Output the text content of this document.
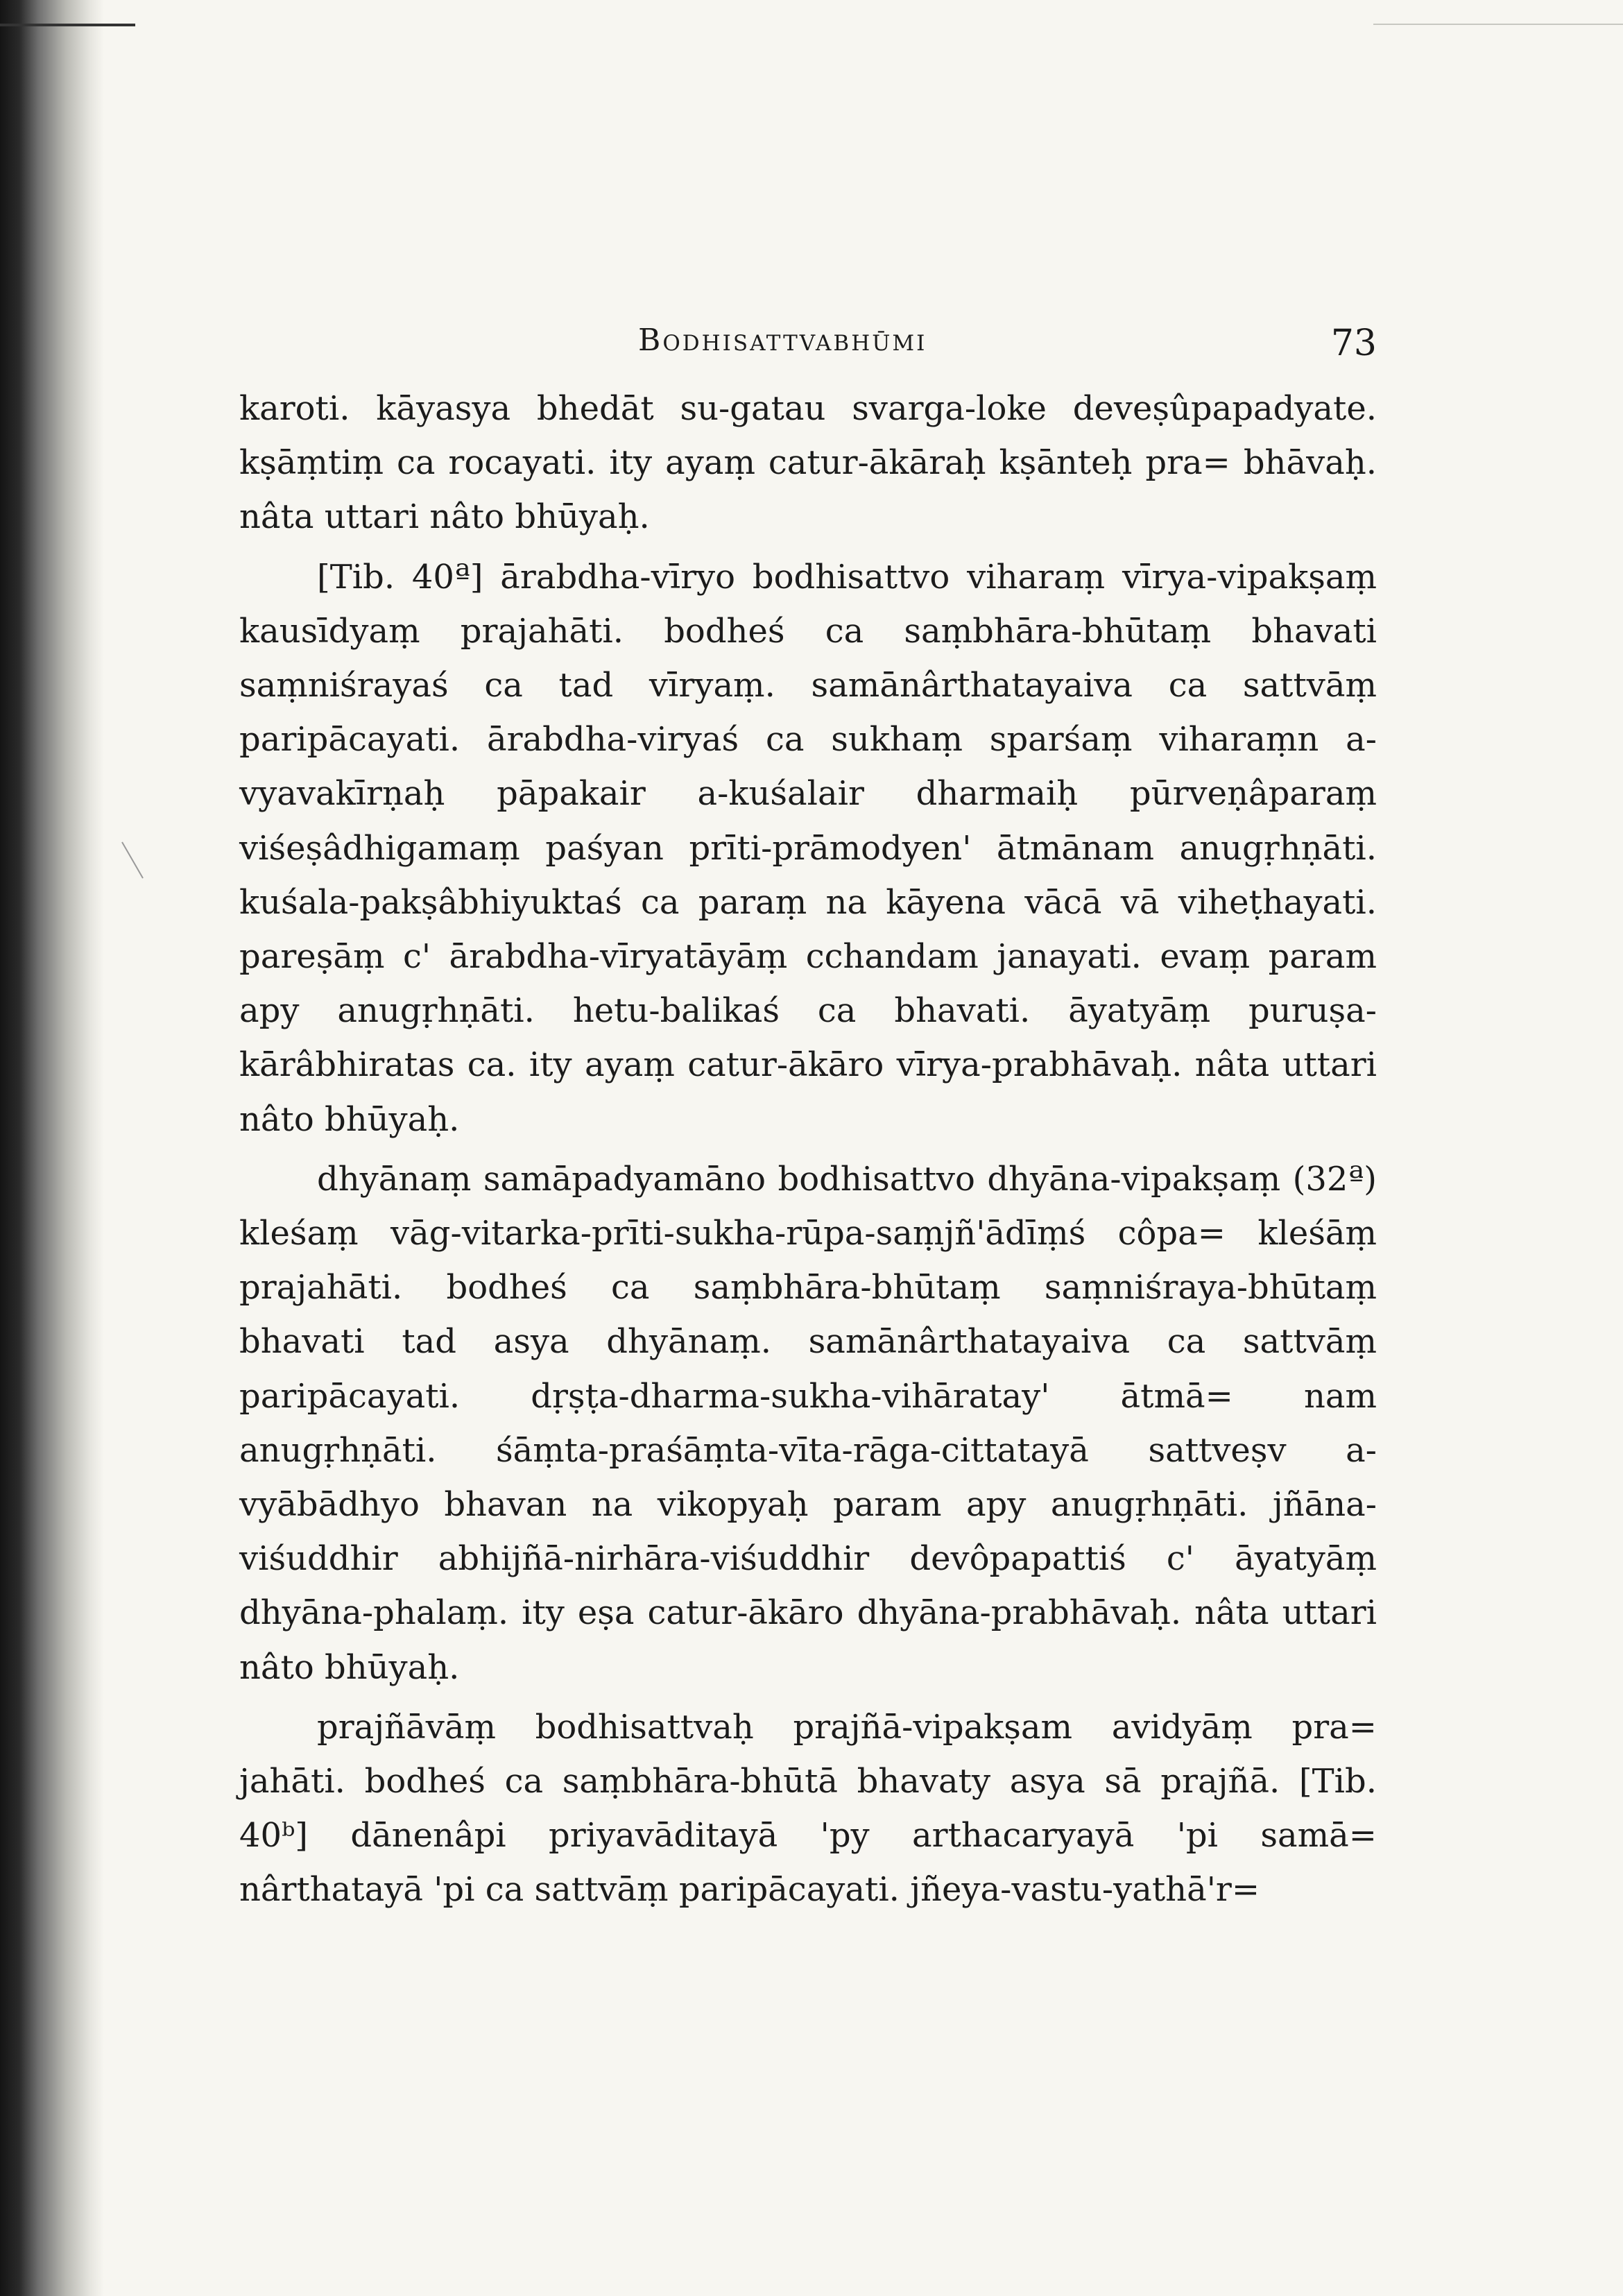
Bodhisattvabhūmi	73

karoti. kāyasya bhedāt su-gatau svarga-loke deveṣûpapadyate. kṣāṃtiṃ ca rocayati. ity ayaṃ catur-ākāraḥ kṣānteḥ pra= bhāvaḥ. nâta uttari nâto bhūyaḥ.

[Tib. 40ª] ārabdha-vīryo bodhisattvo viharaṃ vīrya-vipakṣaṃ kausīdyaṃ prajahāti. bodheś ca saṃbhāra-bhūtaṃ bhavati saṃniśrayaś ca tad vīryaṃ. samānârthatayaiva ca sattvāṃ paripācayati. ārabdha-viryaś ca sukhaṃ sparśaṃ viharaṃn a-vyavakīrṇaḥ pāpakair a-kuśalair dharmaiḥ pūrveṇâparaṃ viśeṣâdhigamaṃ paśyan prīti-prāmodyen' ātmānam anugṛhṇāti. kuśala-pakṣâbhiyuktaś ca paraṃ na kāyena vācā vā viheṭhayati. pareṣāṃ c' ārabdha-vīryatāyāṃ cchandam janayati. evaṃ param apy anugṛhṇāti. hetu-balikaś ca bhavati. āyatyāṃ puruṣa-kārâbhiratas ca. ity ayaṃ catur-ākāro vīrya-prabhāvaḥ. nâta uttari nâto bhūyaḥ.

dhyānaṃ samāpadyamāno bodhisattvo dhyāna-vipakṣaṃ (32ª) kleśaṃ vāg-vitarka-prīti-sukha-rūpa-saṃjñ'ādīṃś côpa= kleśāṃ prajahāti. bodheś ca saṃbhāra-bhūtaṃ saṃniśraya-bhūtaṃ bhavati tad asya dhyānaṃ. samānârthatayaiva ca sattvāṃ paripācayati. dṛṣṭa-dharma-sukha-vihāratay' ātmā= nam anugṛhṇāti. śāṃta-praśāṃta-vīta-rāga-cittatayā sattveṣv a-vyābādhyo bhavan na vikopyaḥ param apy anugṛhṇāti. jñāna-viśuddhir abhijñā-nirhāra-viśuddhir devôpapattiś c' āyatyāṃ dhyāna-phalaṃ. ity eṣa catur-ākāro dhyāna-prabhāvaḥ. nâta uttari nâto bhūyaḥ.

prajñāvāṃ bodhisattvaḥ prajñā-vipakṣam avidyāṃ pra= jahāti. bodheś ca saṃbhāra-bhūtā bhavaty asya sā prajñā. [Tib. 40ᵇ] dānenâpi priyavāditayā 'py arthacaryayā 'pi samā= nârthatayā 'pi ca sattvāṃ paripācayati. jñeya-vastu-yathā'r=
